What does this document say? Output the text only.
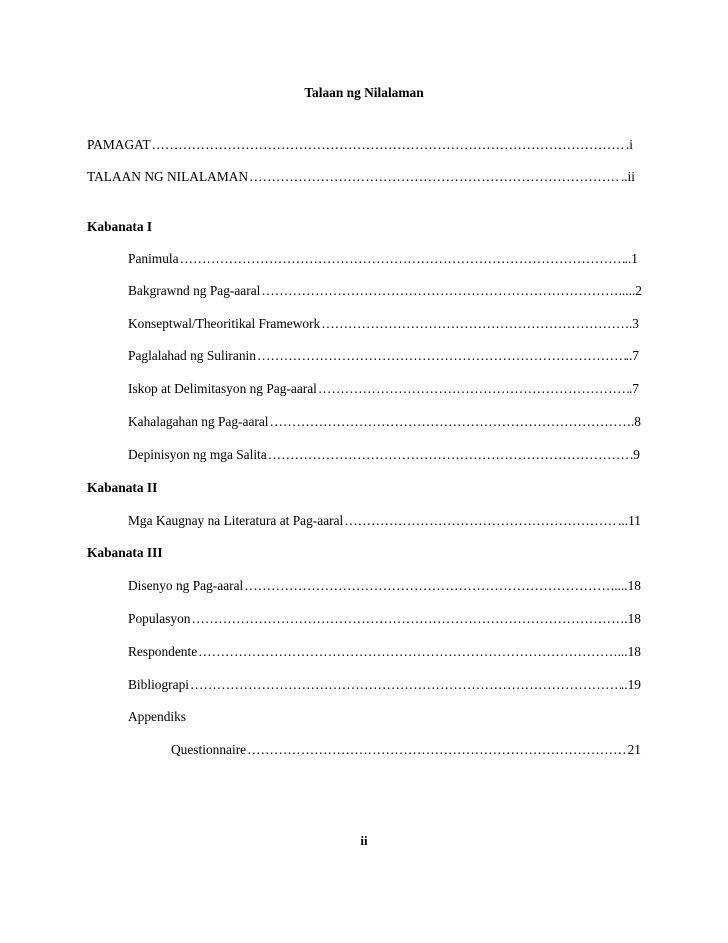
Talaan ng Nilalaman
PAMAGAT	.i
……………………………………………………………………………………………………………………………………………………………………………………
TALAAN NG NILALAMAN	..ii
……………………………………………………………………………………………………………………………………………………………………………………
Kabanata I
Panimula	..1
……………………………………………………………………………………………………………………………………………………………………………………
Bakgrawnd ng Pag-aaral	.....2
……………………………………………………………………………………………………………………………………………………………………………………
Konseptwal/Theoritikal Framework	.3
……………………………………………………………………………………………………………………………………………………………………………………
Paglalahad ng Suliranin	..7
……………………………………………………………………………………………………………………………………………………………………………………
Iskop at Delimitasyon ng Pag-aaral	.7
……………………………………………………………………………………………………………………………………………………………………………………
Kahalagahan ng Pag-aaral	.8
……………………………………………………………………………………………………………………………………………………………………………………
Depinisyon ng mga Salita	.9
……………………………………………………………………………………………………………………………………………………………………………………
Kabanata II
Mga Kaugnay na Literatura at Pag-aaral	...11
……………………………………………………………………………………………………………………………………………………………………………………
Kabanata III
Disenyo ng Pag-aaral	.....18
……………………………………………………………………………………………………………………………………………………………………………………
Populasyon	.18
……………………………………………………………………………………………………………………………………………………………………………………
Respondente	...18
……………………………………………………………………………………………………………………………………………………………………………………
Bibliograpi	..19
……………………………………………………………………………………………………………………………………………………………………………………
Appendiks
Questionnaire	21
……………………………………………………………………………………………………………………………………………………………………………………
ii
